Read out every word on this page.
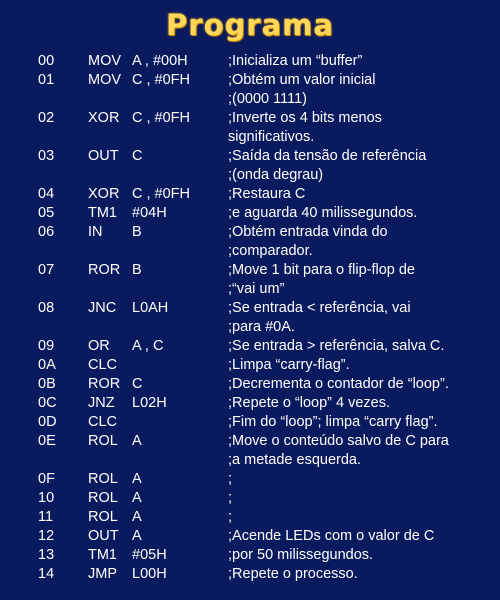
Programa
00 MOV A , #00H	;Inicializa um “buffer”
01 MOV C , #0FH	;Obtém um valor inicial
;(0000 1111)
02 XOR C , #0FH	;Inverte os 4 bits menos
significativos.
03 OUT C	;Saída da tensão de referência
;(onda degrau)
04 XOR C , #0FH	;Restaura C
05 TM1 #04H	;e aguarda 40 milissegundos.
06 IN B	;Obtém entrada vinda do
;comparador.
07 ROR B	;Move 1 bit para o flip-flop de
;“vai um”
08 JNC L0AH	;Se entrada < referência, vai
;para #0A.
09 OR A , C	;Se entrada > referência, salva C.
0A CLC	;Limpa “carry-flag”.
0B ROR C	;Decrementa o contador de “loop”.
0C JNZ L02H	;Repete o “loop” 4 vezes.
0D CLC	;Fim do “loop”; limpa “carry flag”.
0E ROL A	;Move o conteúdo salvo de C para
;a metade esquerda.
0F ROL A	;
10 ROL A	;
11 ROL A	;
12 OUT A	;Acende LEDs com o valor de C
13 TM1 #05H	;por 50 milissegundos.
14 JMP L00H	;Repete o processo.
